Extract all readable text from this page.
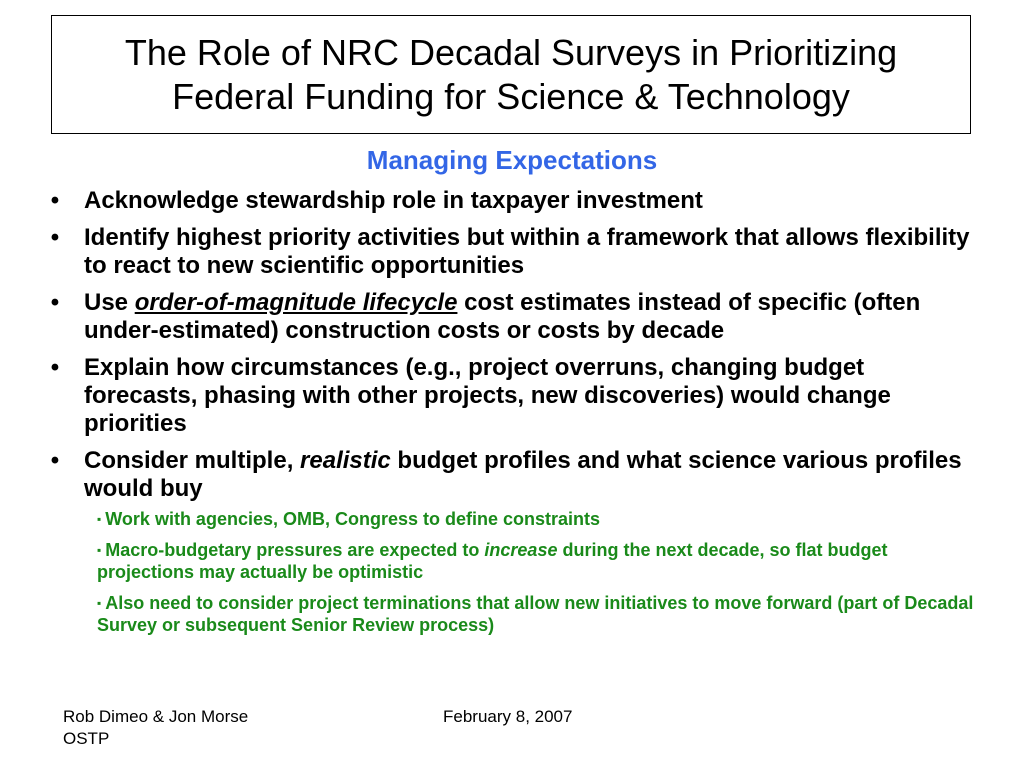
The Role of NRC Decadal Surveys in Prioritizing
Federal Funding for Science & Technology
Managing Expectations
•	Acknowledge stewardship role in taxpayer investment
•	Identify highest priority activities but within a framework that allows flexibility to react to new scientific opportunities
•	Use order-of-magnitude lifecycle cost estimates instead of specific (often under-estimated) construction costs or costs by decade
•	Explain how circumstances (e.g., project overruns, changing budget forecasts, phasing with other projects, new discoveries) would change priorities
•	Consider multiple, realistic budget profiles and what science various profiles would buy
▪ Work with agencies, OMB, Congress to define constraints
▪ Macro-budgetary pressures are expected to increase during the next decade, so flat budget projections may actually be optimistic
▪ Also need to consider project terminations that allow new initiatives to move forward (part of Decadal Survey or subsequent Senior Review process)
Rob Dimeo & Jon Morse
OSTP
February 8, 2007
